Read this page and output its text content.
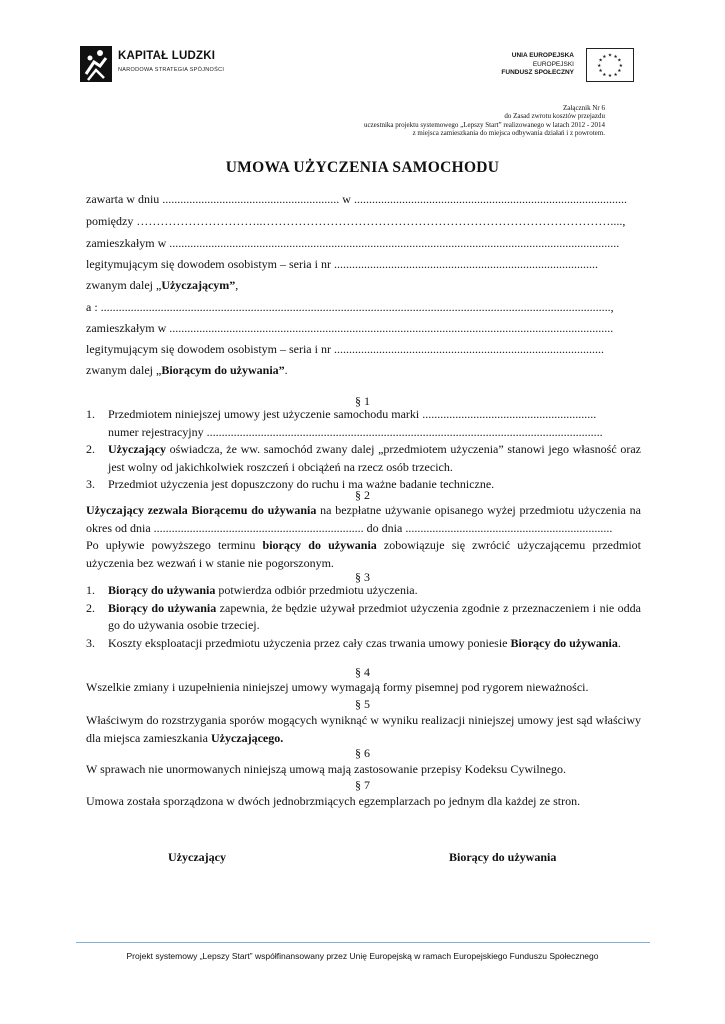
KAPITAŁ LUDZKI
NARODOWA STRATEGIA SPÓJNOŚCI
UNIA EUROPEJSKA
EUROPEJSKI
FUNDUSZ SPOŁECZNY
★ ★
★
★
★
★
★
★
★
★
★
★
Załącznik Nr 6
do Zasad zwrotu kosztów przejazdu
uczestnika projektu systemowego „Lepszy Start” realizowanego w latach 2012 - 2014
z miejsca zamieszkania do miejsca odbywania działań i z powrotem.
UMOWA UŻYCZENIA SAMOCHODU
zawarta w dniu ........................................................... w ...........................................................................................
pomiędzy …………………………..……………………………………………………………………………....,
zamieszkałym w ......................................................................................................................................................
legitymującym się dowodem osobistym – seria i nr ........................................................................................
zwanym dalej „Użyczającym”,
a : ..........................................................................................................................................................................,
zamieszkałym w ....................................................................................................................................................
legitymującym się dowodem osobistym – seria i nr ..........................................................................................
zwanym dalej „Biorącym do używania”.
§ 1
1. Przedmiotem niniejszej umowy jest użyczenie samochodu marki ..........................................................
numer rejestracyjny ....................................................................................................................................
2. Użyczający oświadcza, że ww. samochód zwany dalej „przedmiotem użyczenia” stanowi jego własność oraz jest wolny od jakichkolwiek roszczeń i obciążeń na rzecz osób trzecich.
3. Przedmiot użyczenia jest dopuszczony do ruchu i ma ważne badanie techniczne.
§ 2
Użyczający zezwala Biorącemu do używania na bezpłatne używanie opisanego wyżej przedmiotu użyczenia na okres od dnia ...................................................................... do dnia .....................................................................
Po upływie powyższego terminu biorący do używania zobowiązuje się zwrócić użyczającemu przedmiot użyczenia bez wezwań i w stanie nie pogorszonym.
§ 3
1. Biorący do używania potwierdza odbiór przedmiotu użyczenia.
2. Biorący do używania zapewnia, że będzie używał przedmiot użyczenia zgodnie z przeznaczeniem i nie odda go do używania osobie trzeciej.
3. Koszty eksploatacji przedmiotu użyczenia przez cały czas trwania umowy poniesie Biorący do używania.
§ 4
Wszelkie zmiany i uzupełnienia niniejszej umowy wymagają formy pisemnej pod rygorem nieważności.
§ 5
Właściwym do rozstrzygania sporów mogących wyniknąć w wyniku realizacji niniejszej umowy jest sąd właściwy dla miejsca zamieszkania Użyczającego.
§ 6
W sprawach nie unormowanych niniejszą umową mają zastosowanie przepisy Kodeksu Cywilnego.
§ 7
Umowa została sporządzona w dwóch jednobrzmiących egzemplarzach po jednym dla każdej ze stron.
Użyczający	Biorący do używania
Projekt systemowy „Lepszy Start” współfinansowany przez Unię Europejską w ramach Europejskiego Funduszu Społecznego
